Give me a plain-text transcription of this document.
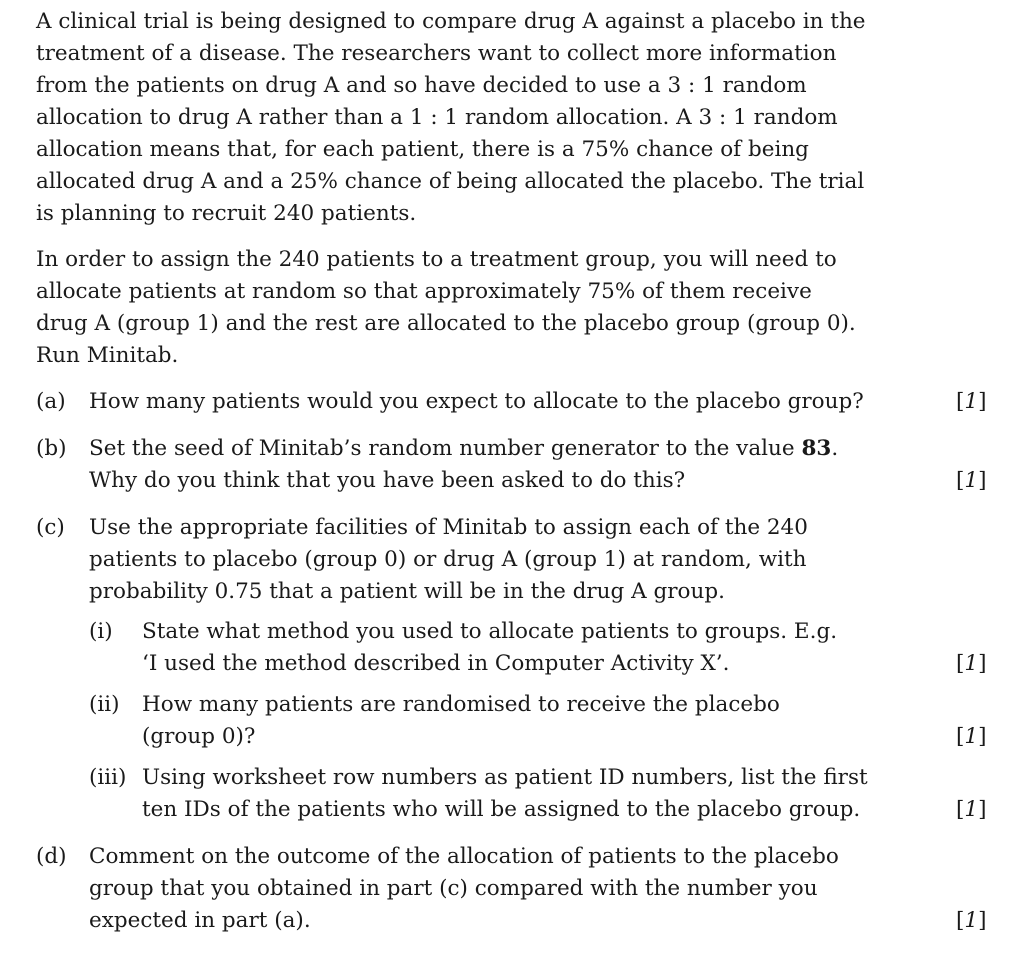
A clinical trial is being designed to compare drug A against a placebo in the
treatment of a disease. The researchers want to collect more information
from the patients on drug A and so have decided to use a 3 : 1 random
allocation to drug A rather than a 1 : 1 random allocation. A 3 : 1 random
allocation means that, for each patient, there is a 75% chance of being
allocated drug A and a 25% chance of being allocated the placebo. The trial
is planning to recruit 240 patients.

In order to assign the 240 patients to a treatment group, you will need to
allocate patients at random so that approximately 75% of them receive
drug A (group 1) and the rest are allocated to the placebo group (group 0).
Run Minitab.

(a) How many patients would you expect to allocate to the placebo group?	[1]
(b) Set the seed of Minitab’s random number generator to the value 83.
Why do you think that you have been asked to do this?	[1]
(c) Use the appropriate facilities of Minitab to assign each of the 240
patients to placebo (group 0) or drug A (group 1) at random, with
probability 0.75 that a patient will be in the drug A group.
(i) State what method you used to allocate patients to groups. E.g.
‘I used the method described in Computer Activity X’.	[1]
(ii) How many patients are randomised to receive the placebo
(group 0)?	[1]
(iii) Using worksheet row numbers as patient ID numbers, list the first
ten IDs of the patients who will be assigned to the placebo group.	[1]
(d) Comment on the outcome of the allocation of patients to the placebo
group that you obtained in part (c) compared with the number you
expected in part (a).	[1]
